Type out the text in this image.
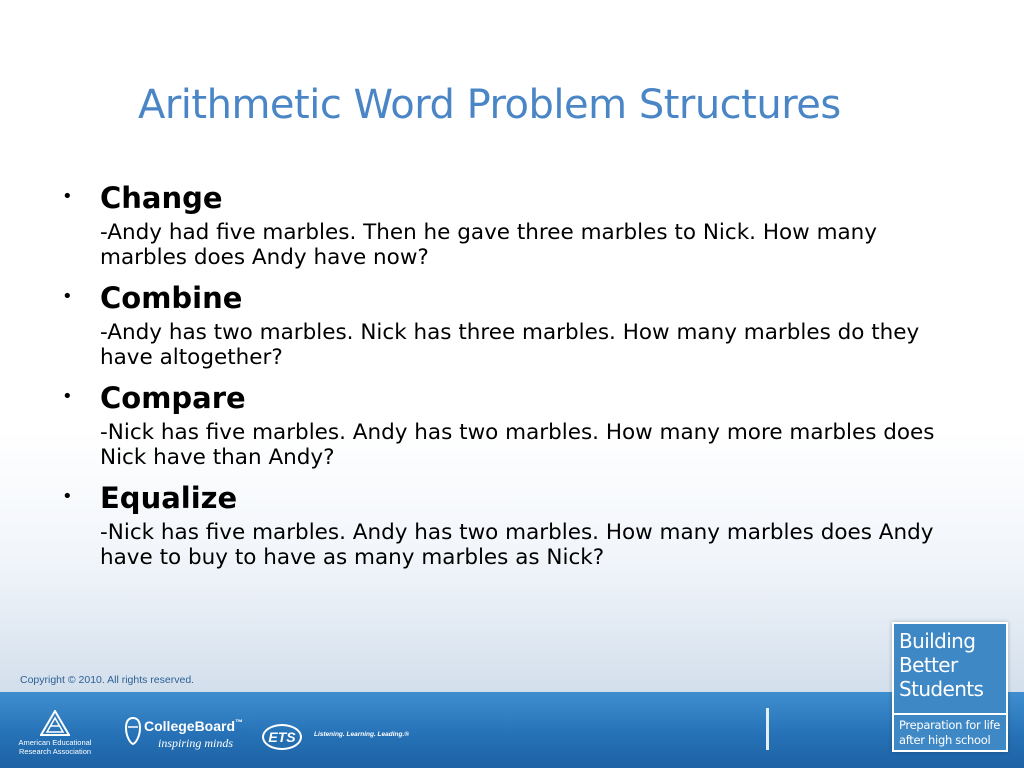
Arithmetic Word Problem Structures
• Change
-Andy had five marbles. Then he gave three marbles to Nick. How many marbles does Andy have now?
• Combine
-Andy has two marbles. Nick has three marbles. How many marbles do they have altogether?
• Compare
-Nick has five marbles. Andy has two marbles. How many more marbles does Nick have than Andy?
• Equalize
-Nick has five marbles. Andy has two marbles. How many marbles does Andy have to buy to have as many marbles as Nick?
Copyright © 2010. All rights reserved.
American Educational
Research Association
CollegeBoard™
inspiring minds	ETS	Listening. Learning. Leading.®
Building
Better
Students
Preparation for life
after high school
